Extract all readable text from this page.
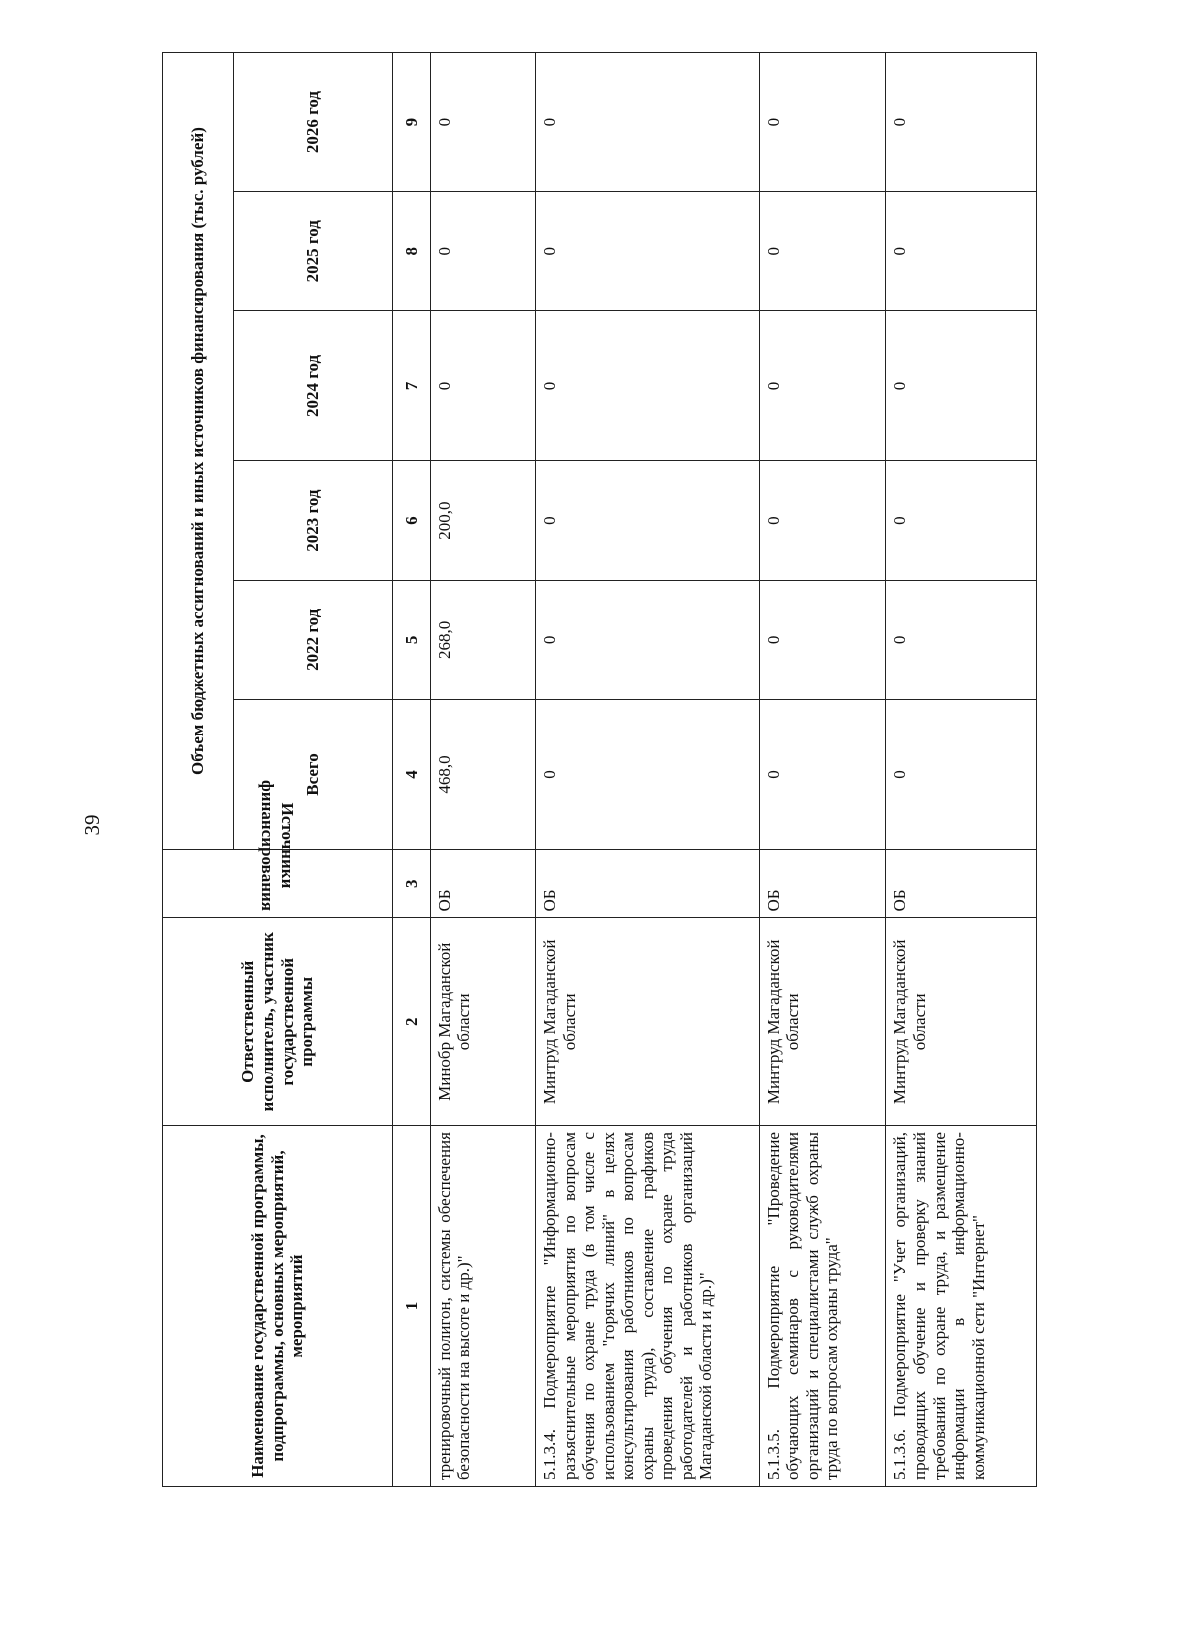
39
Наименование государственной программы, подпрограммы, основных мероприятий, мероприятий	Ответственный исполнитель, участник государственной программы	Источники финансирования	Объем бюджетных ассигнований и иных источников финансирования (тыс. рублей)					
			Всего	2022 год	2023 год	2024 год	2025 год	2026 год
1	2	3	4	5	6	7	8	9
тренировочный полигон, системы обеспечения безопасности на высоте и др.)"	Минобр Магаданской области	ОБ	468,0	268,0	200,0	0	0	0
5.1.3.4. Подмероприятие "Информационно-разъяснительные мероприятия по вопросам обучения по охране труда (в том числе с использованием "горячих линий" в целях консультирования работников по вопросам охраны труда), составление графиков проведения обучения по охране труда работодателей и работников организаций Магаданской области и др.)"	Минтруд Магаданской области	ОБ	0	0	0	0	0	0
5.1.3.5. Подмероприятие "Проведение обучающих семинаров с руководителями организаций и специалистами служб охраны труда по вопросам охраны труда"	Минтруд Магаданской области	ОБ	0	0	0	0	0	0
5.1.3.6. Подмероприятие "Учет организаций, проводящих обучение и проверку знаний требований по охране труда, и размещение информации в информационно-коммуникационной сети "Интернет"	Минтруд Магаданской области	ОБ	0	0	0	0	0	0
